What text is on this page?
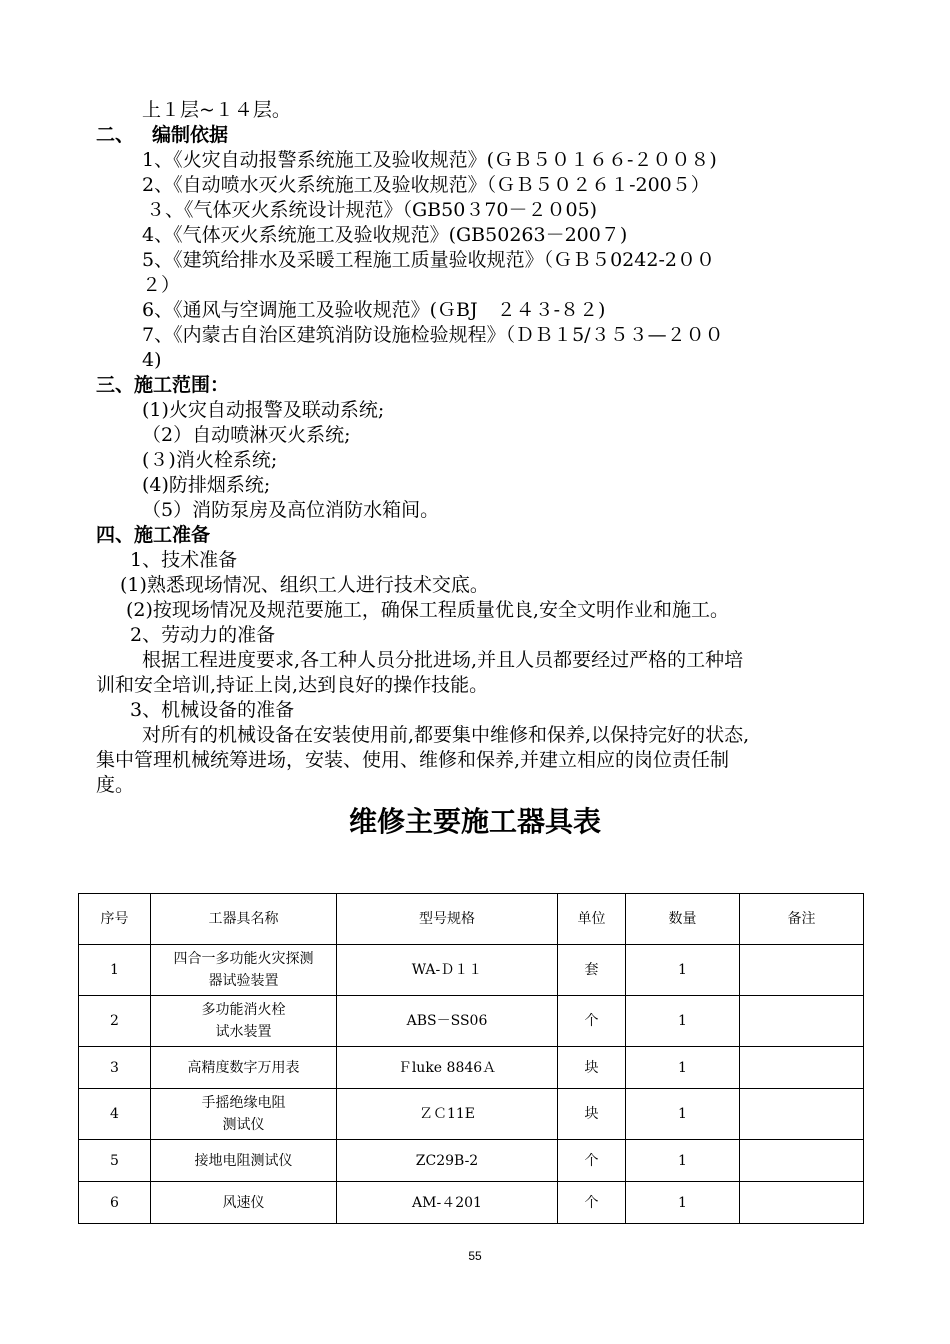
上１层~１４层。
二、 编制依据
1、《火灾自动报警系统施工及验收规范》(ＧＢ５０１６６-２００８)
2、《自动喷水灭火系统施工及验收规范》（ＧＢ５０２６１-200５）
３、《气体灭火系统设计规范》（GB50３70－２０05)
4、《气体灭火系统施工及验收规范》(GB50263－200７)
5、《建筑给排水及采暖工程施工质量验收规范》（ＧＢ５0242-2００
２）
6、《通风与空调施工及验收规范》(ＧBJ　２４３-８２)
7、《内蒙古自治区建筑消防设施检验规程》（ＤＢ１5/３５３—２００
4)
三、施工范围：
(1)火灾自动报警及联动系统;
（2）自动喷淋灭火系统;
(３)消火栓系统;
(4)防排烟系统;
（5）消防泵房及高位消防水箱间。
四、施工准备
1、技术准备
(1)熟悉现场情况、组织工人进行技术交底。
(2)按现场情况及规范要施工，确保工程质量优良,安全文明作业和施工。
2、劳动力的准备
根据工程进度要求,各工种人员分批进场,并且人员都要经过严格的工种培
训和安全培训,持证上岗,达到良好的操作技能。
3、机械设备的准备
对所有的机械设备在安装使用前,都要集中维修和保养,以保持完好的状态,
集中管理机械统筹进场，安装、使用、维修和保养,并建立相应的岗位责任制
度。
维修主要施工器具表
序号	工器具名称	型号规格	单位	数量	备注
1	四合一多功能火灾探测
器试验装置	WA-Ｄ１１	套	1	
2	多功能消火栓
试水装置	ABS－SS06	个	1	
3	高精度数字万用表	Ｆluke 8846Ａ	块	1	
4	手摇绝缘电阻
测试仪	ＺＣ11E	块	1	
5	接地电阻测试仪	ZC29B-2	个	1	
6	风速仪	AM-４201	个	1	
55
